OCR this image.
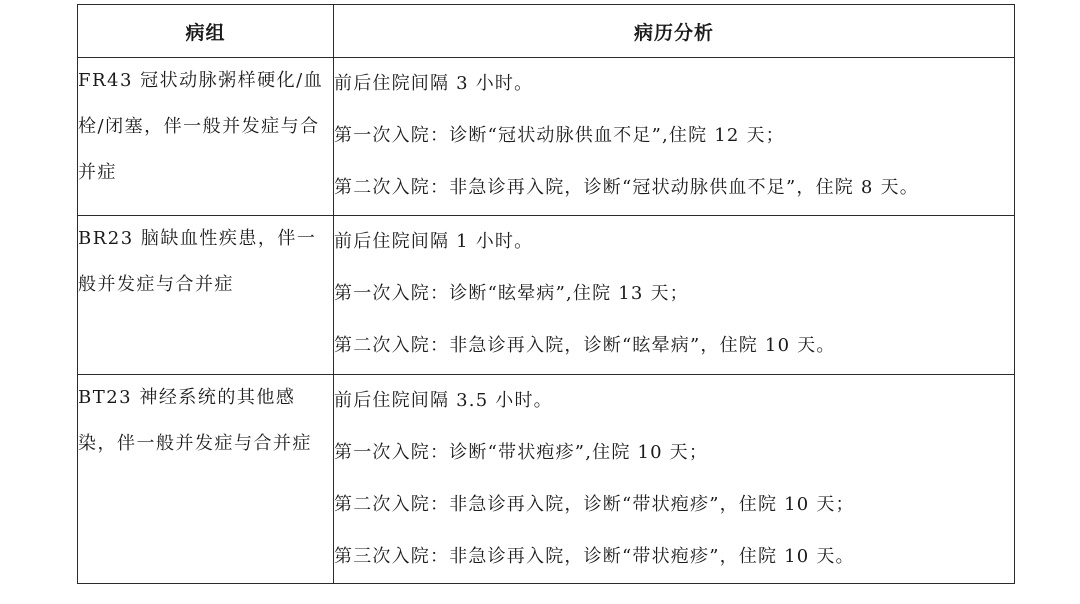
病组	病历分析
FR43 冠状动脉粥样硬化/血栓/闭塞，伴一般并发症与合并症	前后住院间隔 3 小时。
第一次入院：诊断“冠状动脉供血不足”,住院 12 天；
第二次入院：非急诊再入院，诊断“冠状动脉供血不足”，住院 8 天。

BR23 脑缺血性疾患，伴一般并发症与合并症	前后住院间隔 1 小时。
第一次入院：诊断“眩晕病”,住院 13 天；
第二次入院：非急诊再入院，诊断“眩晕病”，住院 10 天。

BT23 神经系统的其他感染，伴一般并发症与合并症	前后住院间隔 3.5 小时。
第一次入院：诊断“带状疱疹”,住院 10 天；
第二次入院：非急诊再入院，诊断“带状疱疹”，住院 10 天；
第三次入院：非急诊再入院，诊断“带状疱疹”，住院 10 天。
